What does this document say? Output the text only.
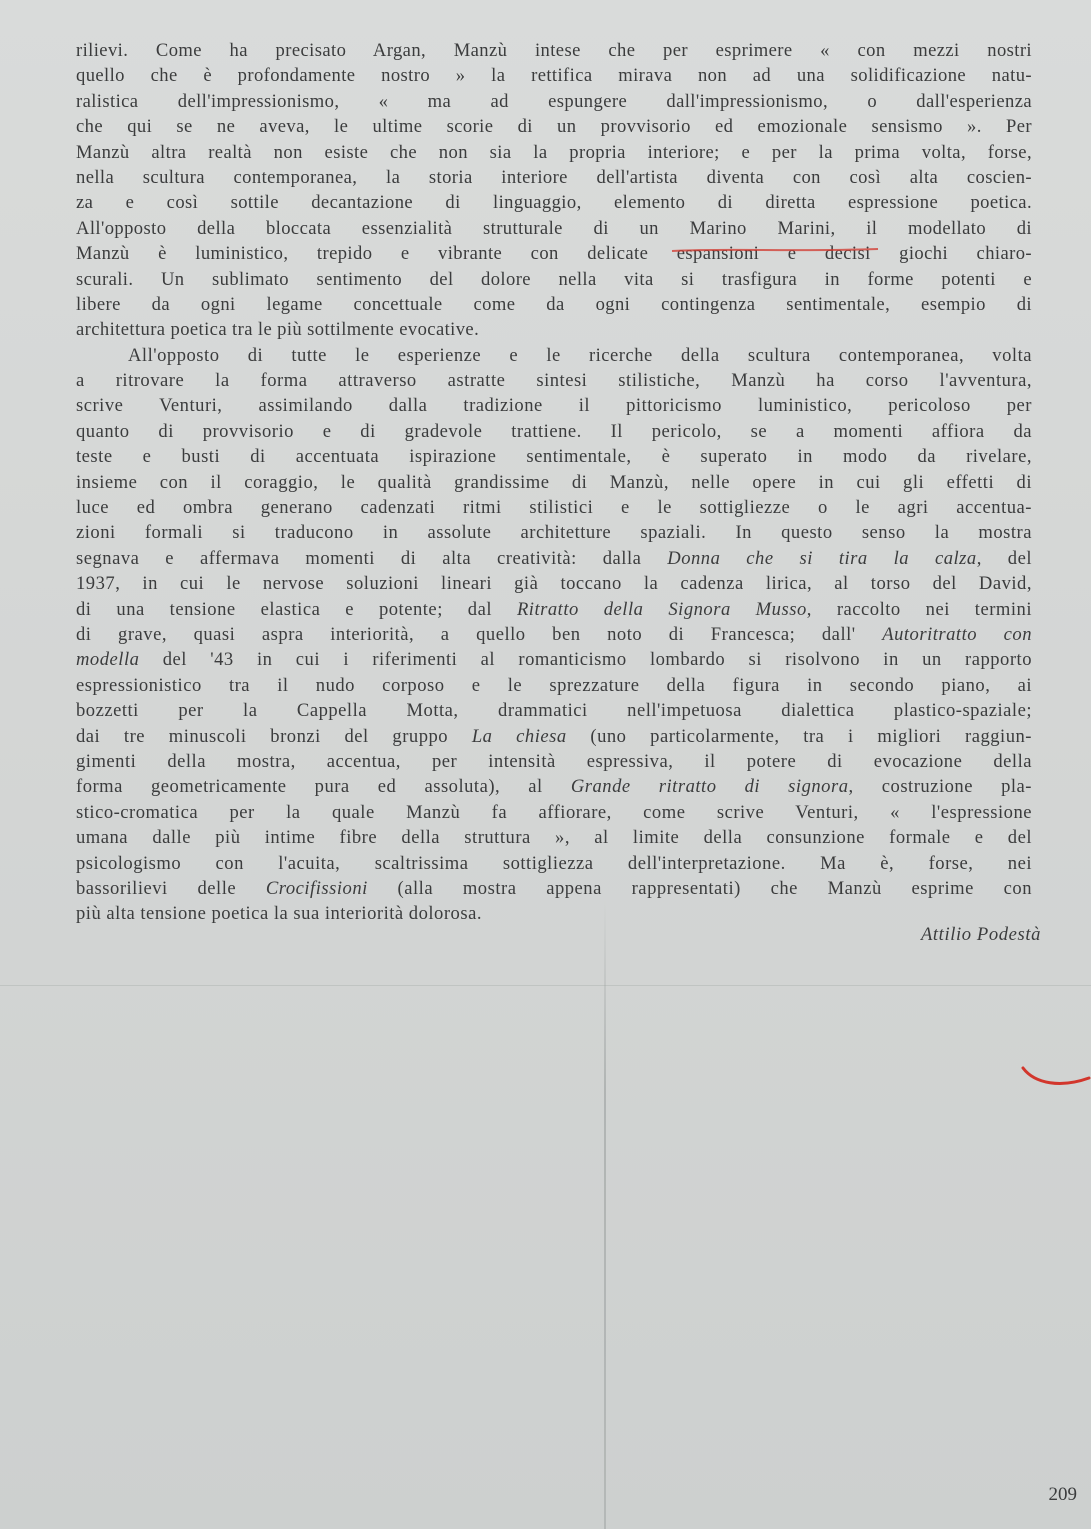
rilievi. Come ha precisato Argan, Manzù intese che per esprimere « con mezzi nostri
quello che è profondamente nostro » la rettifica mirava non ad una solidificazione natu-
ralistica dell'impressionismo, « ma ad espungere dall'impressionismo, o dall'esperienza
che qui se ne aveva, le ultime scorie di un provvisorio ed emozionale sensismo ». Per
Manzù altra realtà non esiste che non sia la propria interiore; e per la prima volta, forse,
nella scultura contemporanea, la storia interiore dell'artista diventa con così alta coscien-
za e così sottile decantazione di linguaggio, elemento di diretta espressione poetica.
All'opposto della bloccata essenzialità strutturale di un Marino Marini, il modellato di
Manzù è luministico, trepido e vibrante con delicate espansioni e decisi giochi chiaro-
scurali. Un sublimato sentimento del dolore nella vita si trasfigura in forme potenti e
libere da ogni legame concettuale come da ogni contingenza sentimentale, esempio di
architettura poetica tra le più sottilmente evocative.

All'opposto di tutte le esperienze e le ricerche della scultura contemporanea, volta
a ritrovare la forma attraverso astratte sintesi stilistiche, Manzù ha corso l'avventura,
scrive Venturi, assimilando dalla tradizione il pittoricismo luministico, pericoloso per
quanto di provvisorio e di gradevole trattiene. Il pericolo, se a momenti affiora da
teste e busti di accentuata ispirazione sentimentale, è superato in modo da rivelare,
insieme con il coraggio, le qualità grandissime di Manzù, nelle opere in cui gli effetti di
luce ed ombra generano cadenzati ritmi stilistici e le sottigliezze o le agri accentua-
zioni formali si traducono in assolute architetture spaziali. In questo senso la mostra
segnava e affermava momenti di alta creatività: dalla Donna che si tira la calza, del
1937, in cui le nervose soluzioni lineari già toccano la cadenza lirica, al torso del David,
di una tensione elastica e potente; dal Ritratto della Signora Musso, raccolto nei termini
di grave, quasi aspra interiorità, a quello ben noto di Francesca; dall' Autoritratto con
modella del '43 in cui i riferimenti al romanticismo lombardo si risolvono in un rapporto
espressionistico tra il nudo corposo e le sprezzature della figura in secondo piano, ai
bozzetti per la Cappella Motta, drammatici nell'impetuosa dialettica plastico-spaziale;
dai tre minuscoli bronzi del gruppo La chiesa (uno particolarmente, tra i migliori raggiun-
gimenti della mostra, accentua, per intensità espressiva, il potere di evocazione della
forma geometricamente pura ed assoluta), al Grande ritratto di signora, costruzione pla-
stico-cromatica per la quale Manzù fa affiorare, come scrive Venturi, « l'espressione
umana dalle più intime fibre della struttura », al limite della consunzione formale e del
psicologismo con l'acuita, scaltrissima sottigliezza dell'interpretazione. Ma è, forse, nei
bassorilievi delle Crocifissioni (alla mostra appena rappresentati) che Manzù esprime con
più alta tensione poetica la sua interiorità dolorosa.

Attilio Podestà
209
